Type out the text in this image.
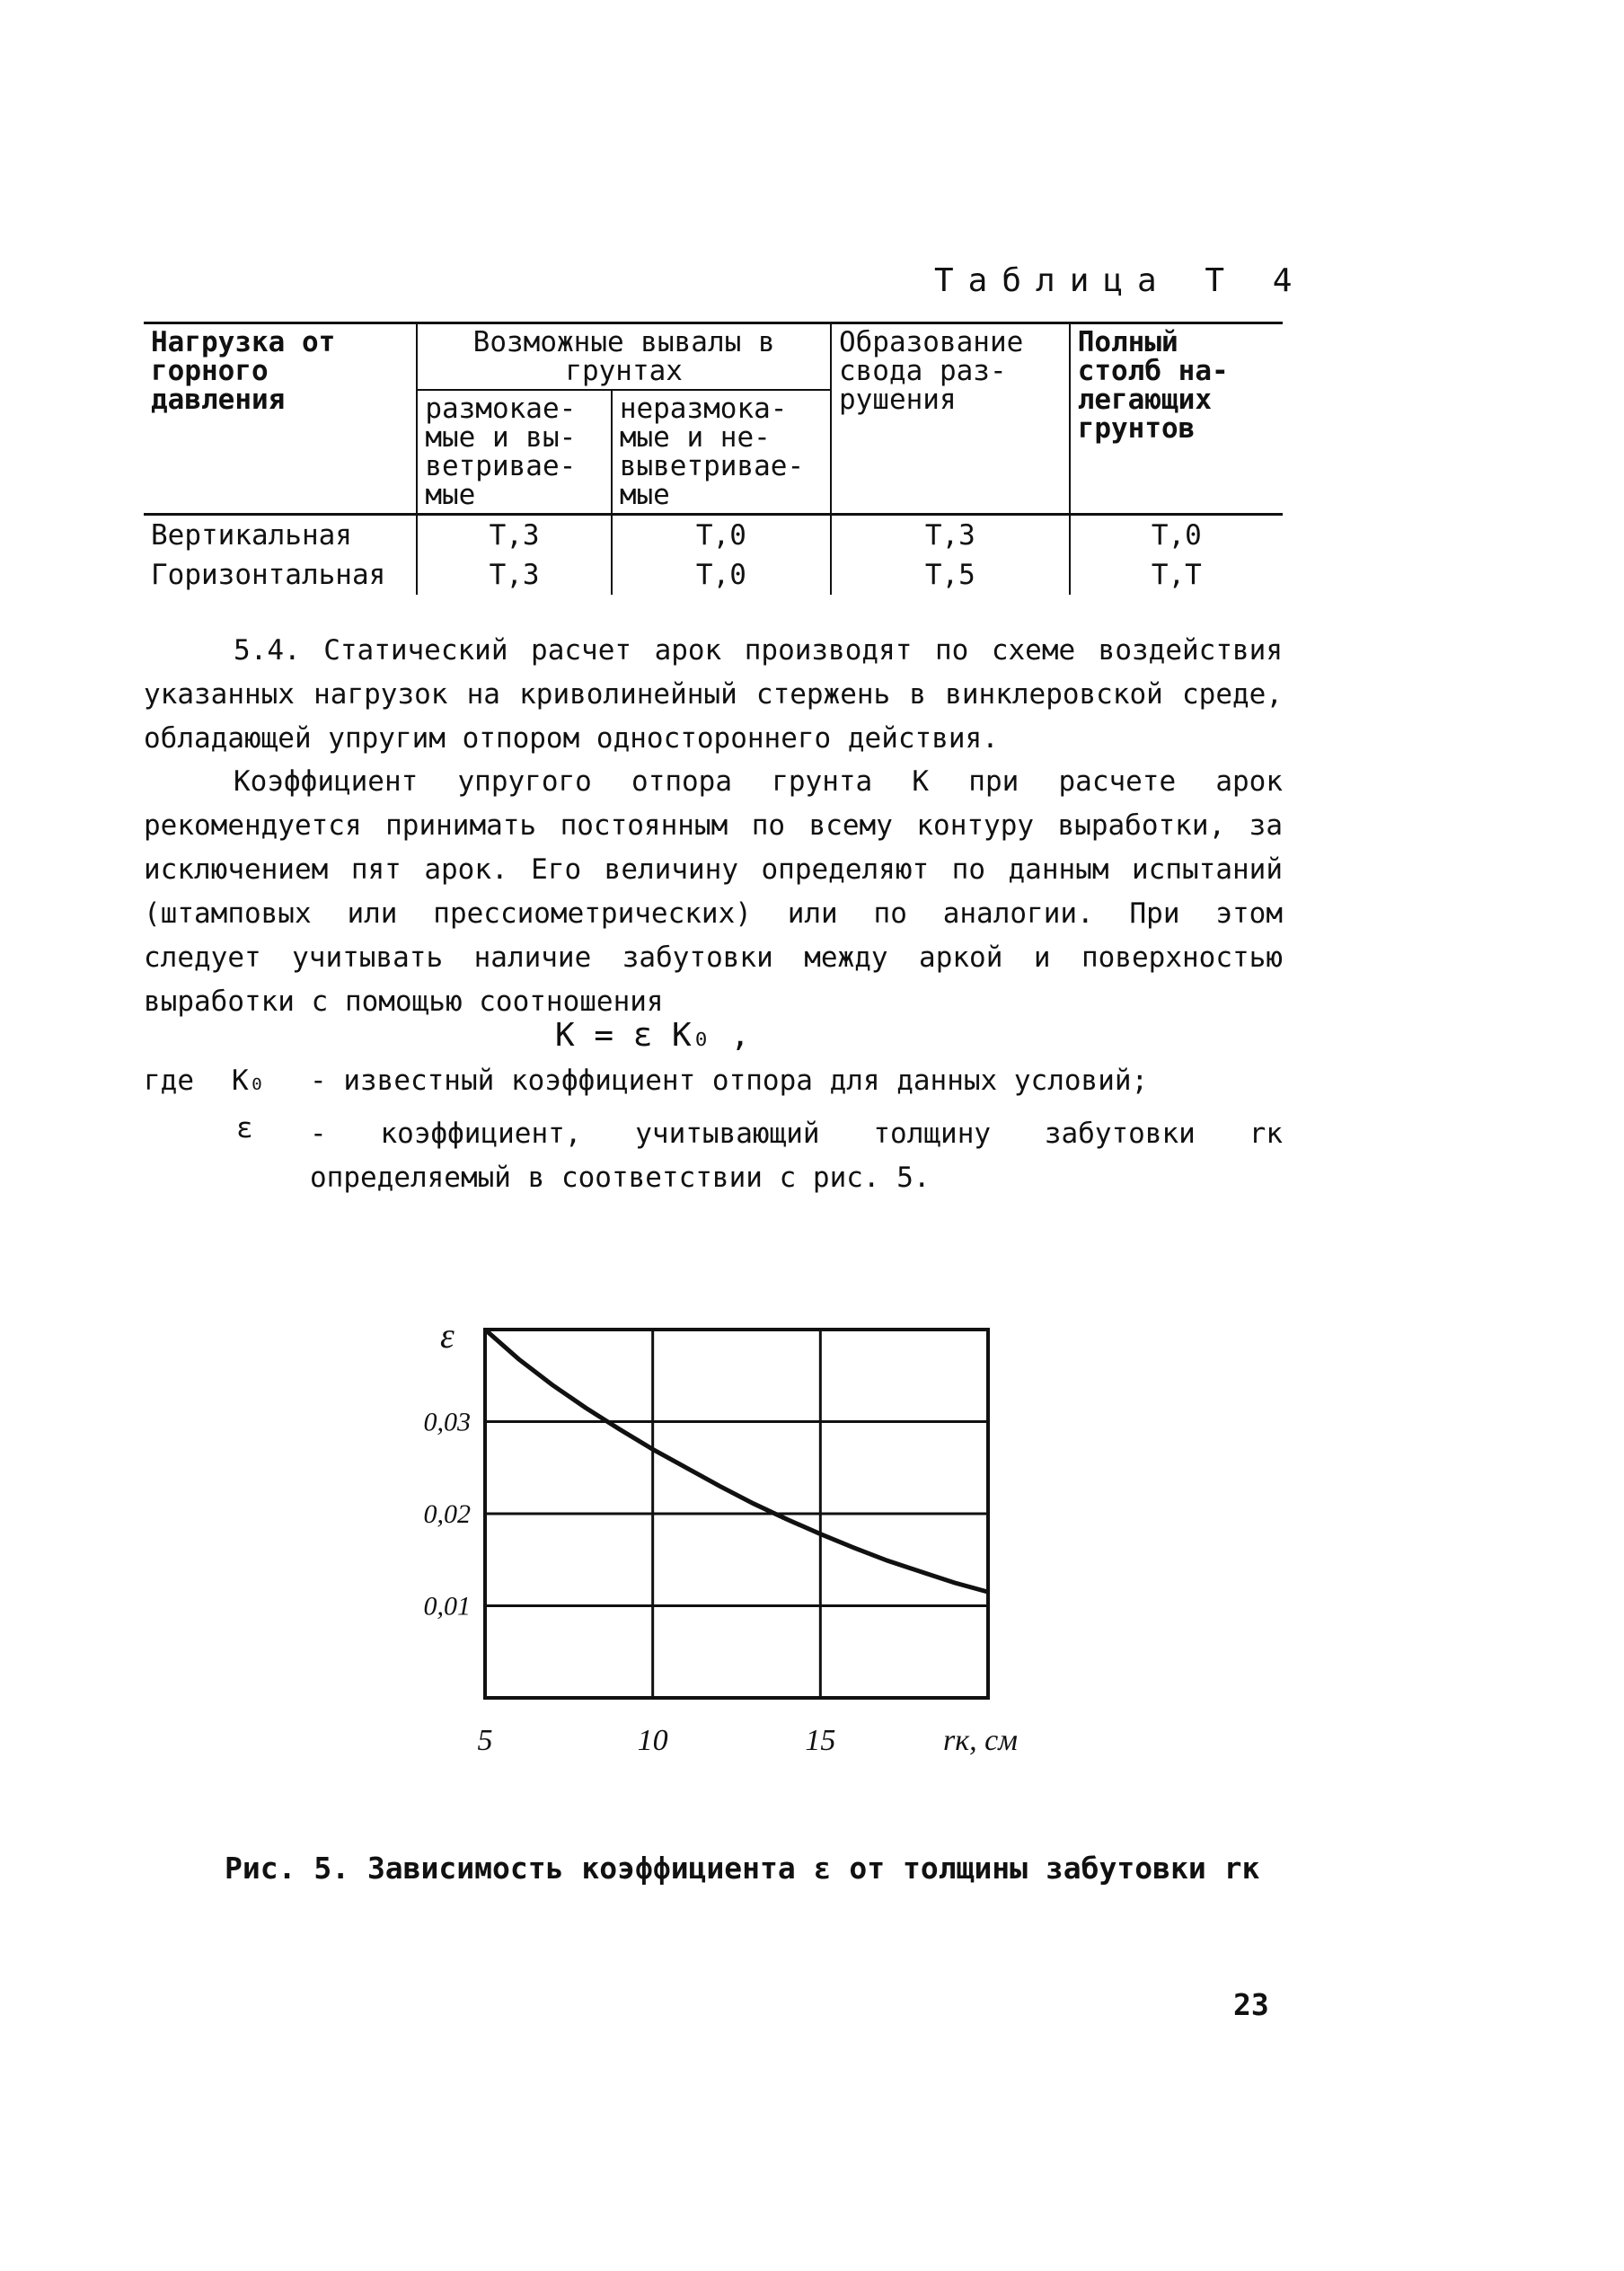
Таблица Т 4
Нагрузка от горного давления	Возможные вывалы в грунтах		Образование свода раз- рушения	Полный столб на- легающих грунтов
	размокае- мые и вы- ветривае- мые	неразмока- мые и не- выветривае- мые		
Вертикальная	Т,3	Т,0	Т,3	Т,0
Горизонтальная	Т,3	Т,0	Т,5	Т,Т
5.4. Статический расчет арок производят по схеме воздействия указанных нагрузок на криволинейный стержень в винклеровской среде, обладающей упругим отпором одностороннего действия.
Коэффициент упругого отпора грунта К при расчете арок рекомендуется принимать постоянным по всему контуру выработки, за исключением пят арок. Его величину определяют по данным испытаний (штамповых или прессиометрических) или по аналогии. При этом следует учитывать наличие забутовки между аркой и поверхностью выработки с помощью соотношения
К = ε К₀ ,
где К₀ - известный коэффициент отпора для данных условий;
ε - коэффициент, учитывающий толщину забутовки rк определяемый в соответствии с рис. 5.
0,01
0,02
0,03
5	10	15
ε
rк, см
Рис. 5. Зависимость коэффициента ε от толщины забутовки rк
23
